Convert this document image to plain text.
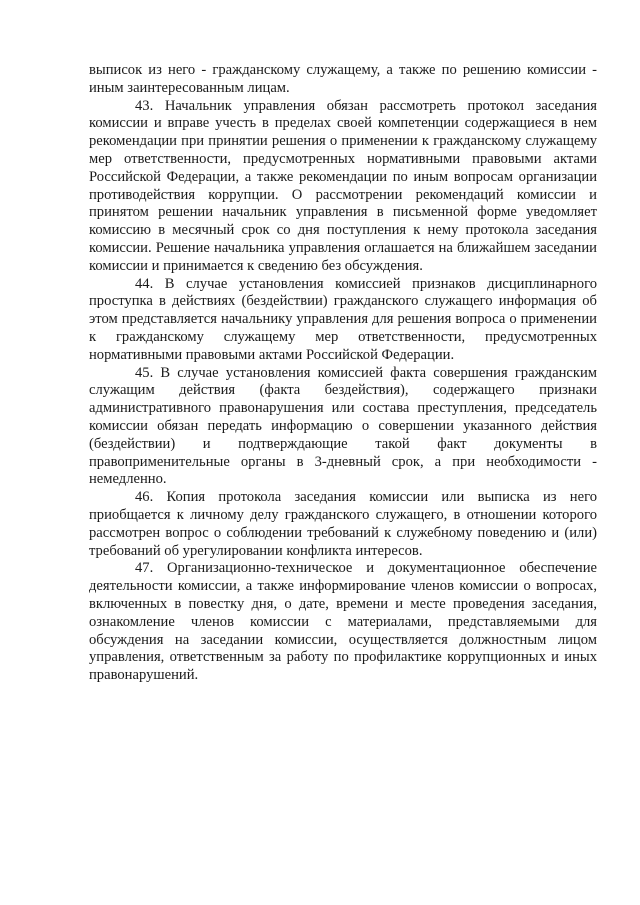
выписок из него - гражданскому служащему, а также по решению комиссии - иным заинтересованным лицам.

43. Начальник управления обязан рассмотреть протокол заседания комиссии и вправе учесть в пределах своей компетенции содержащиеся в нем рекомендации при принятии решения о применении к гражданскому служащему мер ответственности, предусмотренных нормативными правовыми актами Российской Федерации, а также рекомендации по иным вопросам организации противодействия коррупции. О рассмотрении рекомендаций комиссии и принятом решении начальник управления в письменной форме уведомляет комиссию в месячный срок со дня поступления к нему протокола заседания комиссии. Решение начальника управления оглашается на ближайшем заседании комиссии и принимается к сведению без обсуждения.

44. В случае установления комиссией признаков дисциплинарного проступка в действиях (бездействии) гражданского служащего информация об этом представляется начальнику управления для решения вопроса о применении к гражданскому служащему мер ответственности, предусмотренных нормативными правовыми актами Российской Федерации.

45. В случае установления комиссией факта совершения гражданским служащим действия (факта бездействия), содержащего признаки административного правонарушения или состава преступления, председатель комиссии обязан передать информацию о совершении указанного действия (бездействии) и подтверждающие такой факт документы в правоприменительные органы в 3-дневный срок, а при необходимости - немедленно.

46. Копия протокола заседания комиссии или выписка из него приобщается к личному делу гражданского служащего, в отношении которого рассмотрен вопрос о соблюдении требований к служебному поведению и (или) требований об урегулировании конфликта интересов.

47. Организационно-техническое и документационное обеспечение деятельности комиссии, а также информирование членов комиссии о вопросах, включенных в повестку дня, о дате, времени и месте проведения заседания, ознакомление членов комиссии с материалами, представляемыми для обсуждения на заседании комиссии, осуществляется должностным лицом управления, ответственным за работу по профилактике коррупционных и иных правонарушений.
